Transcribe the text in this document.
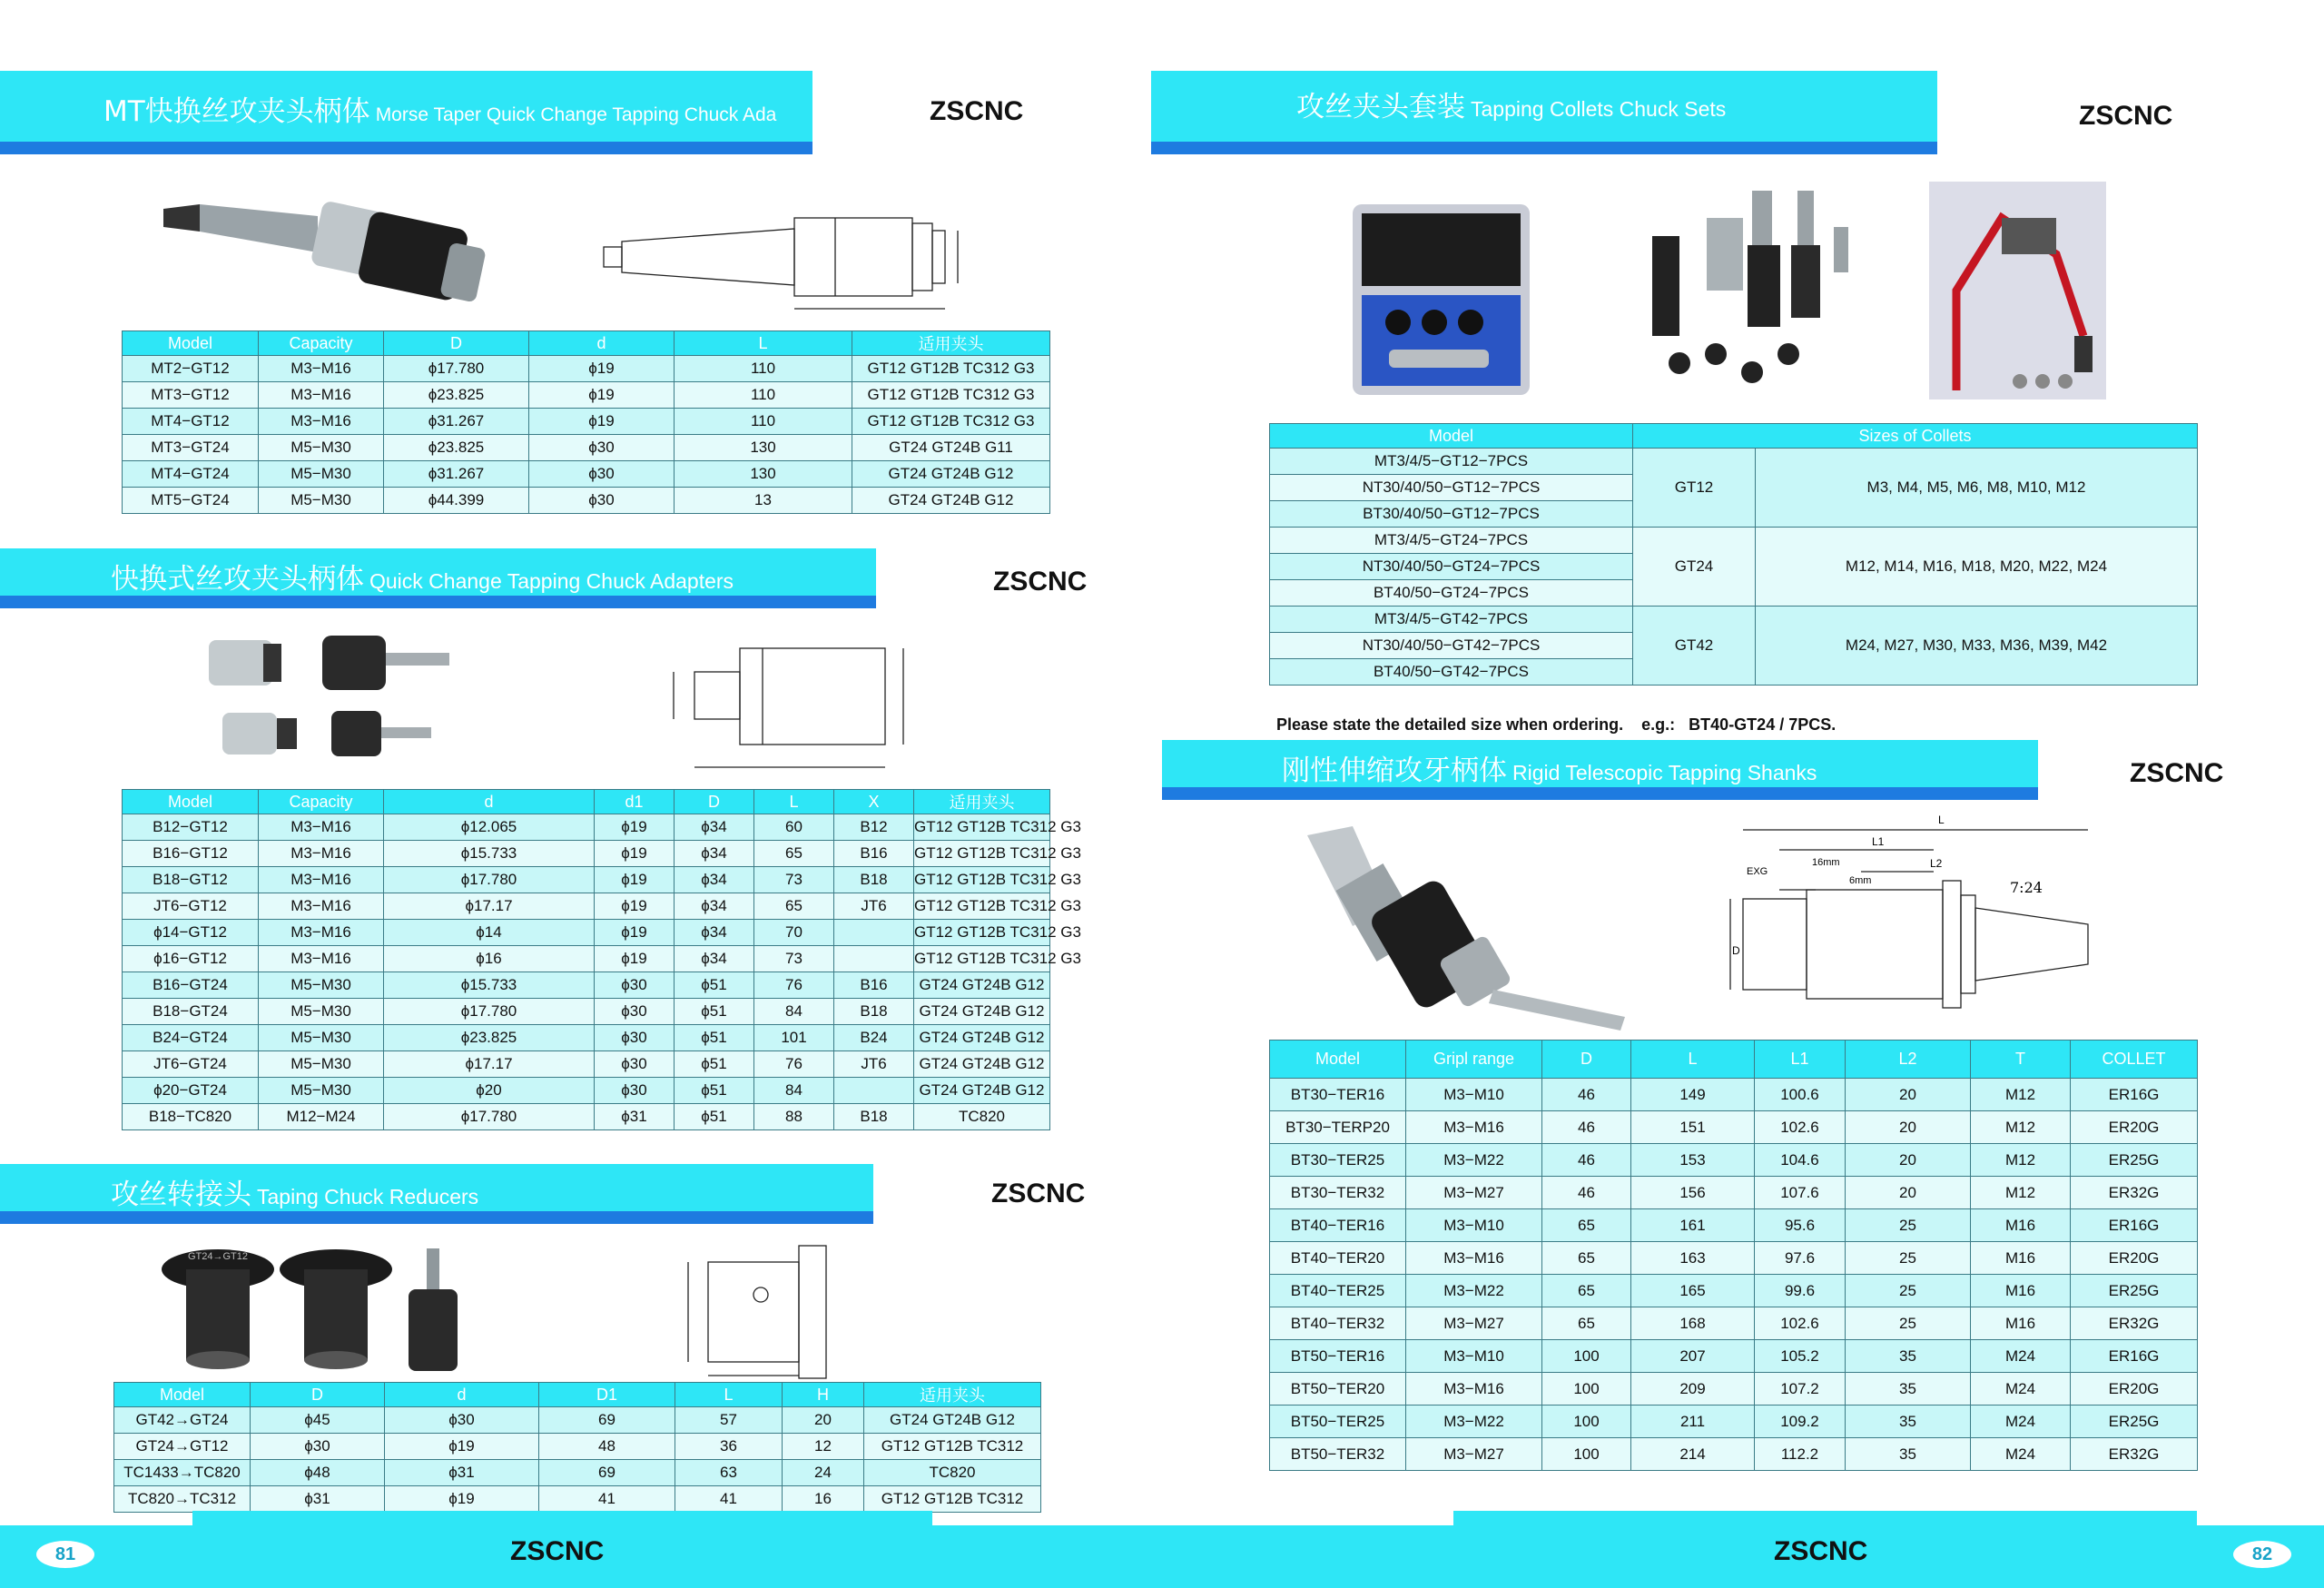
MT快换丝攻夹头柄体 Morse Taper Quick Change Tapping Chuck Ada	ZSCNC
Model	Capacity	D	d	L	适用夹头
MT2−GT12	M3−M16	ϕ17.780	ϕ19	110	GT12 GT12B TC312 G3
MT3−GT12	M3−M16	ϕ23.825	ϕ19	110	GT12 GT12B TC312 G3
MT4−GT12	M3−M16	ϕ31.267	ϕ19	110	GT12 GT12B TC312 G3
MT3−GT24	M5−M30	ϕ23.825	ϕ30	130	GT24 GT24B G11
MT4−GT24	M5−M30	ϕ31.267	ϕ30	130	GT24 GT24B G12
MT5−GT24	M5−M30	ϕ44.399	ϕ30	13	GT24 GT24B G12
快换式丝攻夹头柄体 Quick Change Tapping Chuck Adapters	ZSCNC
Model	Capacity	d	d1	D	L	X	适用夹头
B12−GT12	M3−M16	ϕ12.065	ϕ19	ϕ34	60	B12	GT12 GT12B TC312 G3
B16−GT12	M3−M16	ϕ15.733	ϕ19	ϕ34	65	B16	GT12 GT12B TC312 G3
B18−GT12	M3−M16	ϕ17.780	ϕ19	ϕ34	73	B18	GT12 GT12B TC312 G3
JT6−GT12	M3−M16	ϕ17.17	ϕ19	ϕ34	65	JT6	GT12 GT12B TC312 G3
ϕ14−GT12	M3−M16	ϕ14	ϕ19	ϕ34	70		GT12 GT12B TC312 G3
ϕ16−GT12	M3−M16	ϕ16	ϕ19	ϕ34	73		GT12 GT12B TC312 G3
B16−GT24	M5−M30	ϕ15.733	ϕ30	ϕ51	76	B16	GT24 GT24B G12
B18−GT24	M5−M30	ϕ17.780	ϕ30	ϕ51	84	B18	GT24 GT24B G12
B24−GT24	M5−M30	ϕ23.825	ϕ30	ϕ51	101	B24	GT24 GT24B G12
JT6−GT24	M5−M30	ϕ17.17	ϕ30	ϕ51	76	JT6	GT24 GT24B G12
ϕ20−GT24	M5−M30	ϕ20	ϕ30	ϕ51	84		GT24 GT24B G12
B18−TC820	M12−M24	ϕ17.780	ϕ31	ϕ51	88	B18	TC820
攻丝转接头 Taping Chuck Reducers	ZSCNC
GT24→GT12
Model	D	d	D1	L	H	适用夹头
GT42→GT24	ϕ45	ϕ30	69	57	20	GT24 GT24B G12
GT24→GT12	ϕ30	ϕ19	48	36	12	GT12 GT12B TC312
TC1433→TC820	ϕ48	ϕ31	69	63	24	TC820
TC820→TC312	ϕ31	ϕ19	41	41	16	GT12 GT12B TC312
ZSCNC
81
攻丝夹头套装 Tapping Collets Chuck Sets	ZSCNC
Model	Sizes of Collets	
MT3/4/5−GT12−7PCS	GT12	M3, M4, M5, M6, M8, M10, M12
NT30/40/50−GT12−7PCS		
BT30/40/50−GT12−7PCS		
MT3/4/5−GT24−7PCS	GT24	M12, M14, M16, M18, M20, M22, M24
NT30/40/50−GT24−7PCS		
BT40/50−GT24−7PCS		
MT3/4/5−GT42−7PCS	GT42	M24, M27, M30, M33, M36, M39, M42
NT30/40/50−GT42−7PCS		
BT40/50−GT42−7PCS		
Please state the detailed size when ordering. e.g.: BT40-GT24 / 7PCS.
刚性伸缩攻牙柄体 Rigid Telescopic Tapping Shanks	ZSCNC
7:24
L
L1
L2
16mm
6mm
EXG
D
Model	Gripl range	D	L	L1	L2	T	COLLET
BT30−TER16	M3−M10	46	149	100.6	20	M12	ER16G
BT30−TERP20	M3−M16	46	151	102.6	20	M12	ER20G
BT30−TER25	M3−M22	46	153	104.6	20	M12	ER25G
BT30−TER32	M3−M27	46	156	107.6	20	M12	ER32G
BT40−TER16	M3−M10	65	161	95.6	25	M16	ER16G
BT40−TER20	M3−M16	65	163	97.6	25	M16	ER20G
BT40−TER25	M3−M22	65	165	99.6	25	M16	ER25G
BT40−TER32	M3−M27	65	168	102.6	25	M16	ER32G
BT50−TER16	M3−M10	100	207	105.2	35	M24	ER16G
BT50−TER20	M3−M16	100	209	107.2	35	M24	ER20G
BT50−TER25	M3−M22	100	211	109.2	35	M24	ER25G
BT50−TER32	M3−M27	100	214	112.2	35	M24	ER32G
ZSCNC	82
